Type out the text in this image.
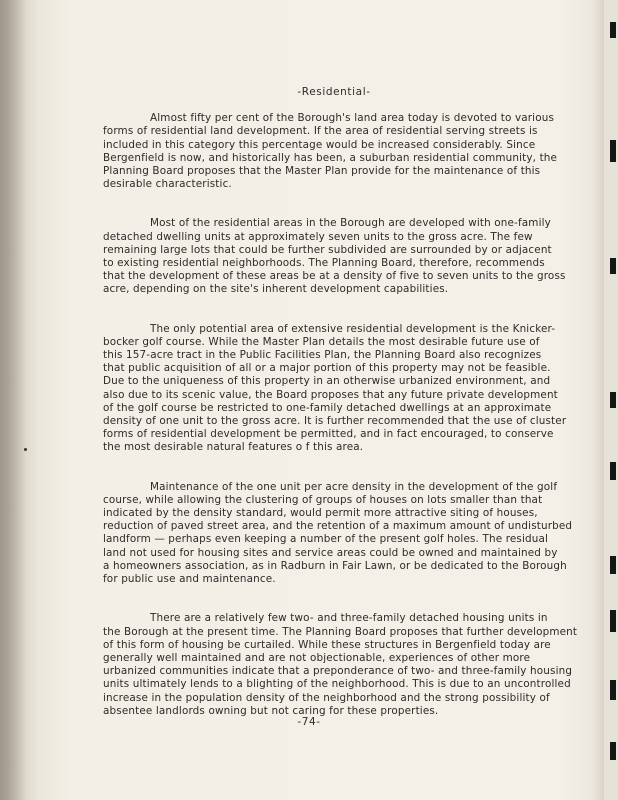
-Residential-
Almost fifty per cent of the Borough's land area today is devoted to various
forms of residential land development. If the area of residential serving streets is
included in this category this percentage would be increased considerably. Since
Bergenfield is now, and historically has been, a suburban residential community, the
Planning Board proposes that the Master Plan provide for the maintenance of this
desirable characteristic.
Most of the residential areas in the Borough are developed with one-family
detached dwelling units at approximately seven units to the gross acre. The few
remaining large lots that could be further subdivided are surrounded by or adjacent
to existing residential neighborhoods. The Planning Board, therefore, recommends
that the development of these areas be at a density of five to seven units to the gross
acre, depending on the site's inherent development capabilities.
The only potential area of extensive residential development is the Knicker-
bocker golf course. While the Master Plan details the most desirable future use of
this 157-acre tract in the Public Facilities Plan, the Planning Board also recognizes
that public acquisition of all or a major portion of this property may not be feasible.
Due to the uniqueness of this property in an otherwise urbanized environment, and
also due to its scenic value, the Board proposes that any future private development
of the golf course be restricted to one-family detached dwellings at an approximate
density of one unit to the gross acre. It is further recommended that the use of cluster
forms of residential development be permitted, and in fact encouraged, to conserve
the most desirable natural features o f this area.
Maintenance of the one unit per acre density in the development of the golf
course, while allowing the clustering of groups of houses on lots smaller than that
indicated by the density standard, would permit more attractive siting of houses,
reduction of paved street area, and the retention of a maximum amount of undisturbed
landform — perhaps even keeping a number of the present golf holes. The residual
land not used for housing sites and service areas could be owned and maintained by
a homeowners association, as in Radburn in Fair Lawn, or be dedicated to the Borough
for public use and maintenance.
There are a relatively few two- and three-family detached housing units in
the Borough at the present time. The Planning Board proposes that further development
of this form of housing be curtailed. While these structures in Bergenfield today are
generally well maintained and are not objectionable, experiences of other more
urbanized communities indicate that a preponderance of two- and three-family housing
units ultimately lends to a blighting of the neighborhood. This is due to an uncontrolled
increase in the population density of the neighborhood and the strong possibility of
absentee landlords owning but not caring for these properties.
-74-
